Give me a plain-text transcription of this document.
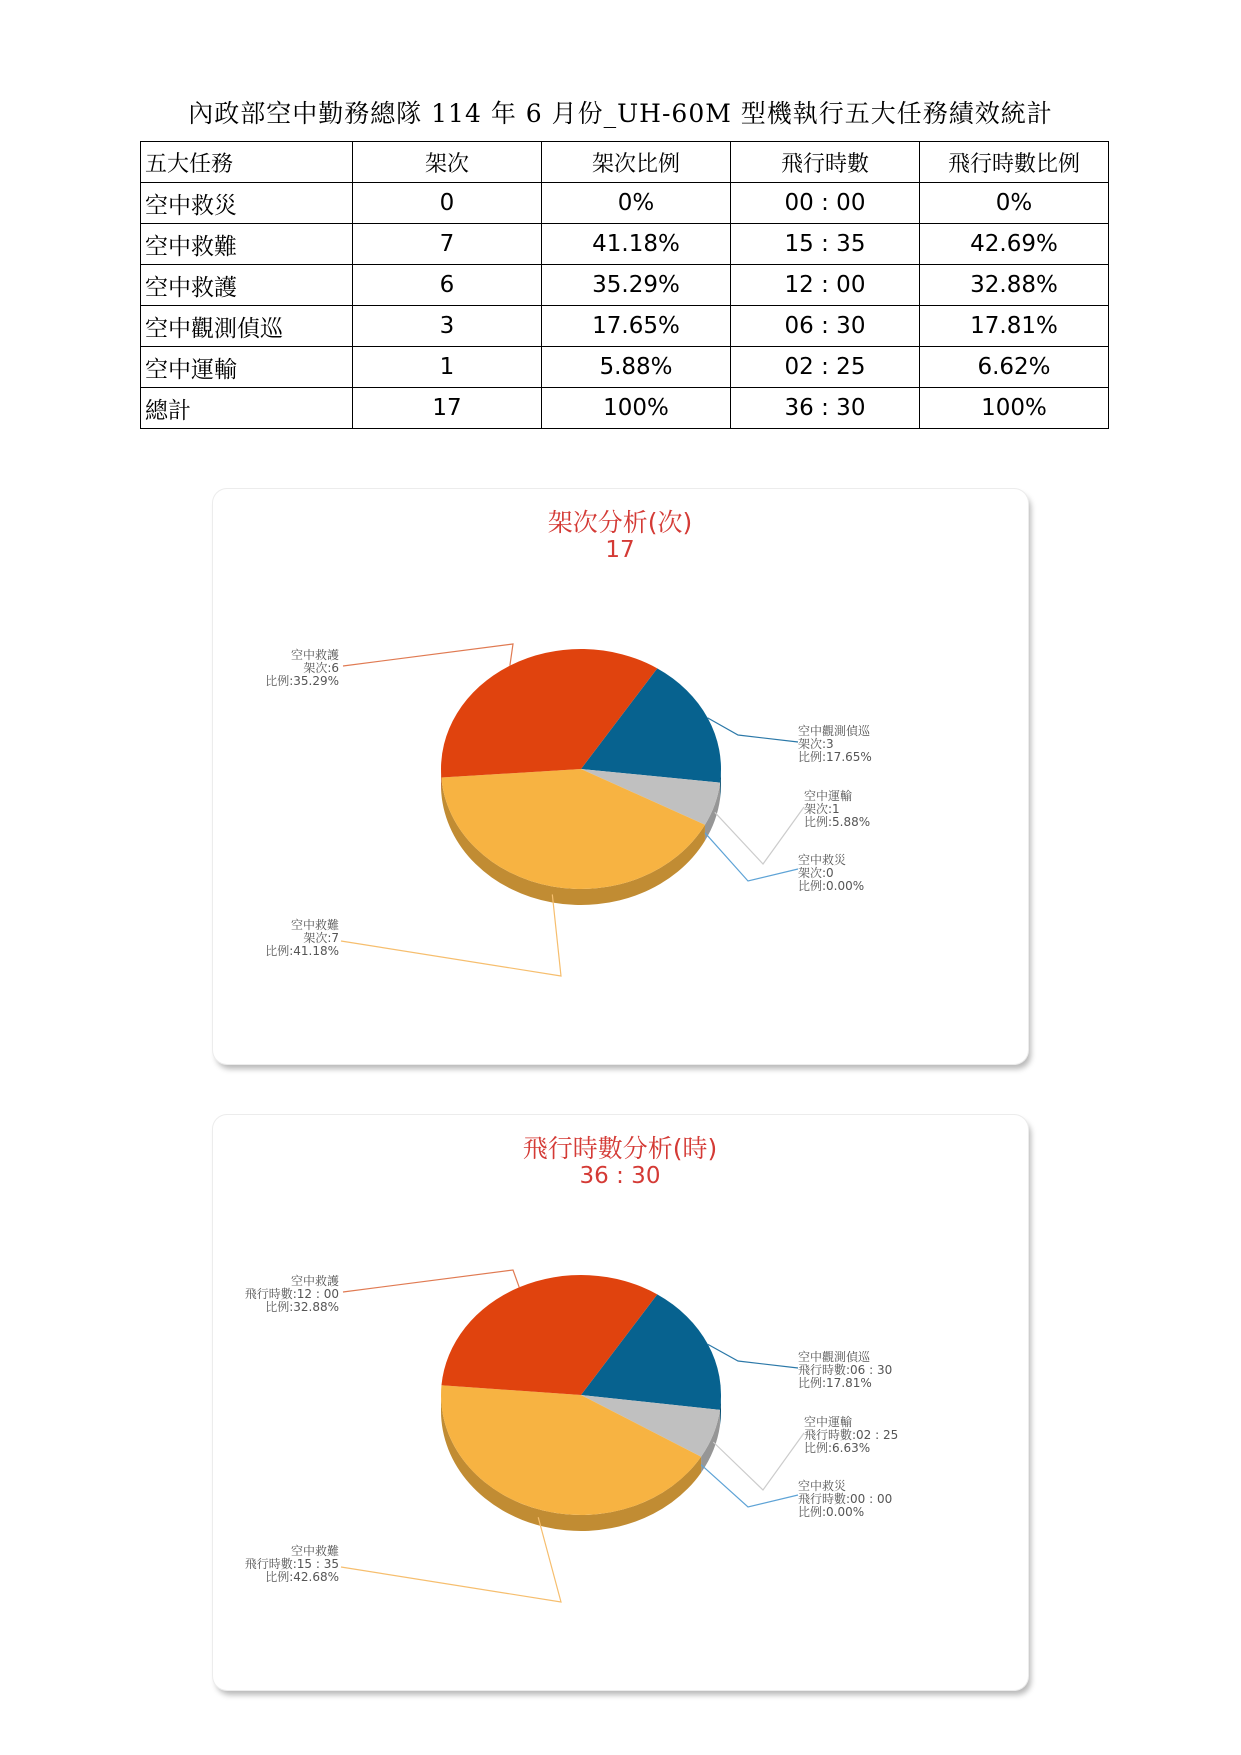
內政部空中勤務總隊 114 年 6 月份_UH-60M 型機執行五大任務績效統計
五大任務	架次	架次比例	飛行時數	飛行時數比例
空中救災	0	0%	00 : 00	0%
空中救難	7	41.18%	15 : 35	42.69%
空中救護	6	35.29%	12 : 00	32.88%
空中觀測偵巡	3	17.65%	06 : 30	17.81%
空中運輸	1	5.88%	02 : 25	6.62%
總計	17	100%	36 : 30	100%
架次分析(次)
17
空中觀測偵巡
架次:3
比例:17.65%
空中運輸
架次:1
比例:5.88%
空中救災
架次:0
比例:0.00%
空中救難
架次:7
比例:41.18%
空中救護
架次:6
比例:35.29%
飛行時數分析(時)
36 : 30
空中觀測偵巡
飛行時數:06 : 30
比例:17.81%
空中運輸
飛行時數:02 : 25
比例:6.63%
空中救災
飛行時數:00 : 00
比例:0.00%
空中救難
飛行時數:15 : 35
比例:42.68%
空中救護
飛行時數:12 : 00
比例:32.88%
